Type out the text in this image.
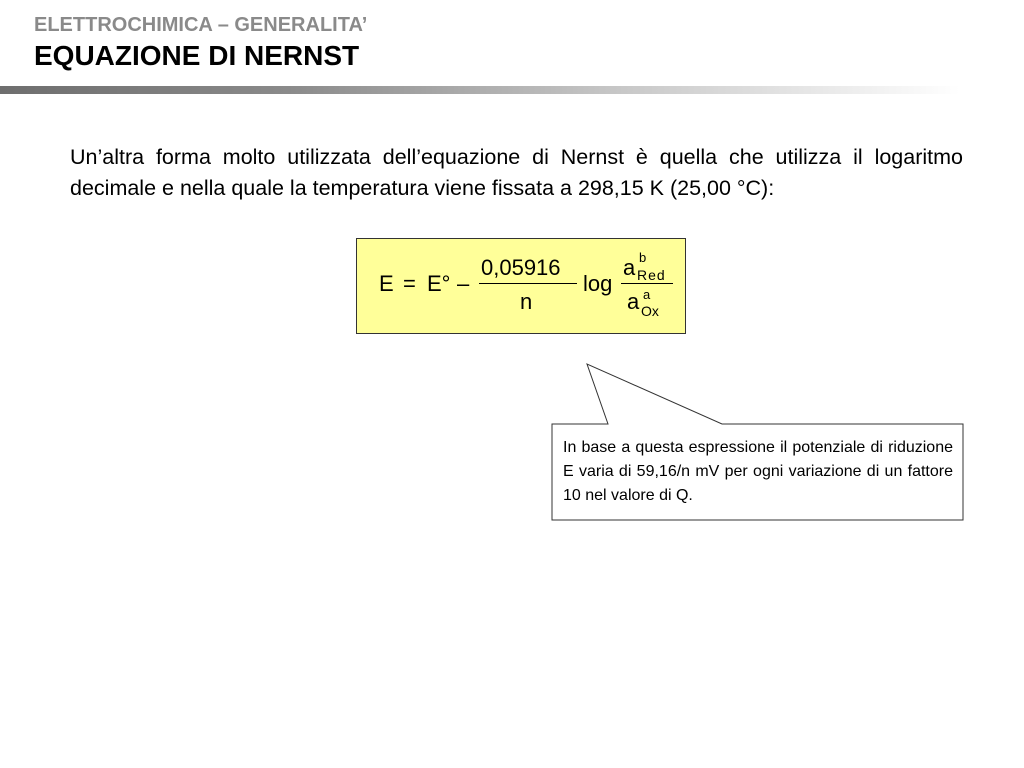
ELETTROCHIMICA – GENERALITA’
EQUAZIONE DI NERNST
Un’altra forma molto utilizzata dell’equazione di Nernst è quella che utilizza il logaritmo decimale e nella quale la temperatura viene fissata a 298,15 K (25,00 °C):
E = E° –
0,05916
n
log
a b
Red
a a
Ox
In base a questa espressione il potenziale di riduzione E varia di 59,16/n mV per ogni variazione di un fattore 10 nel valore di Q.
